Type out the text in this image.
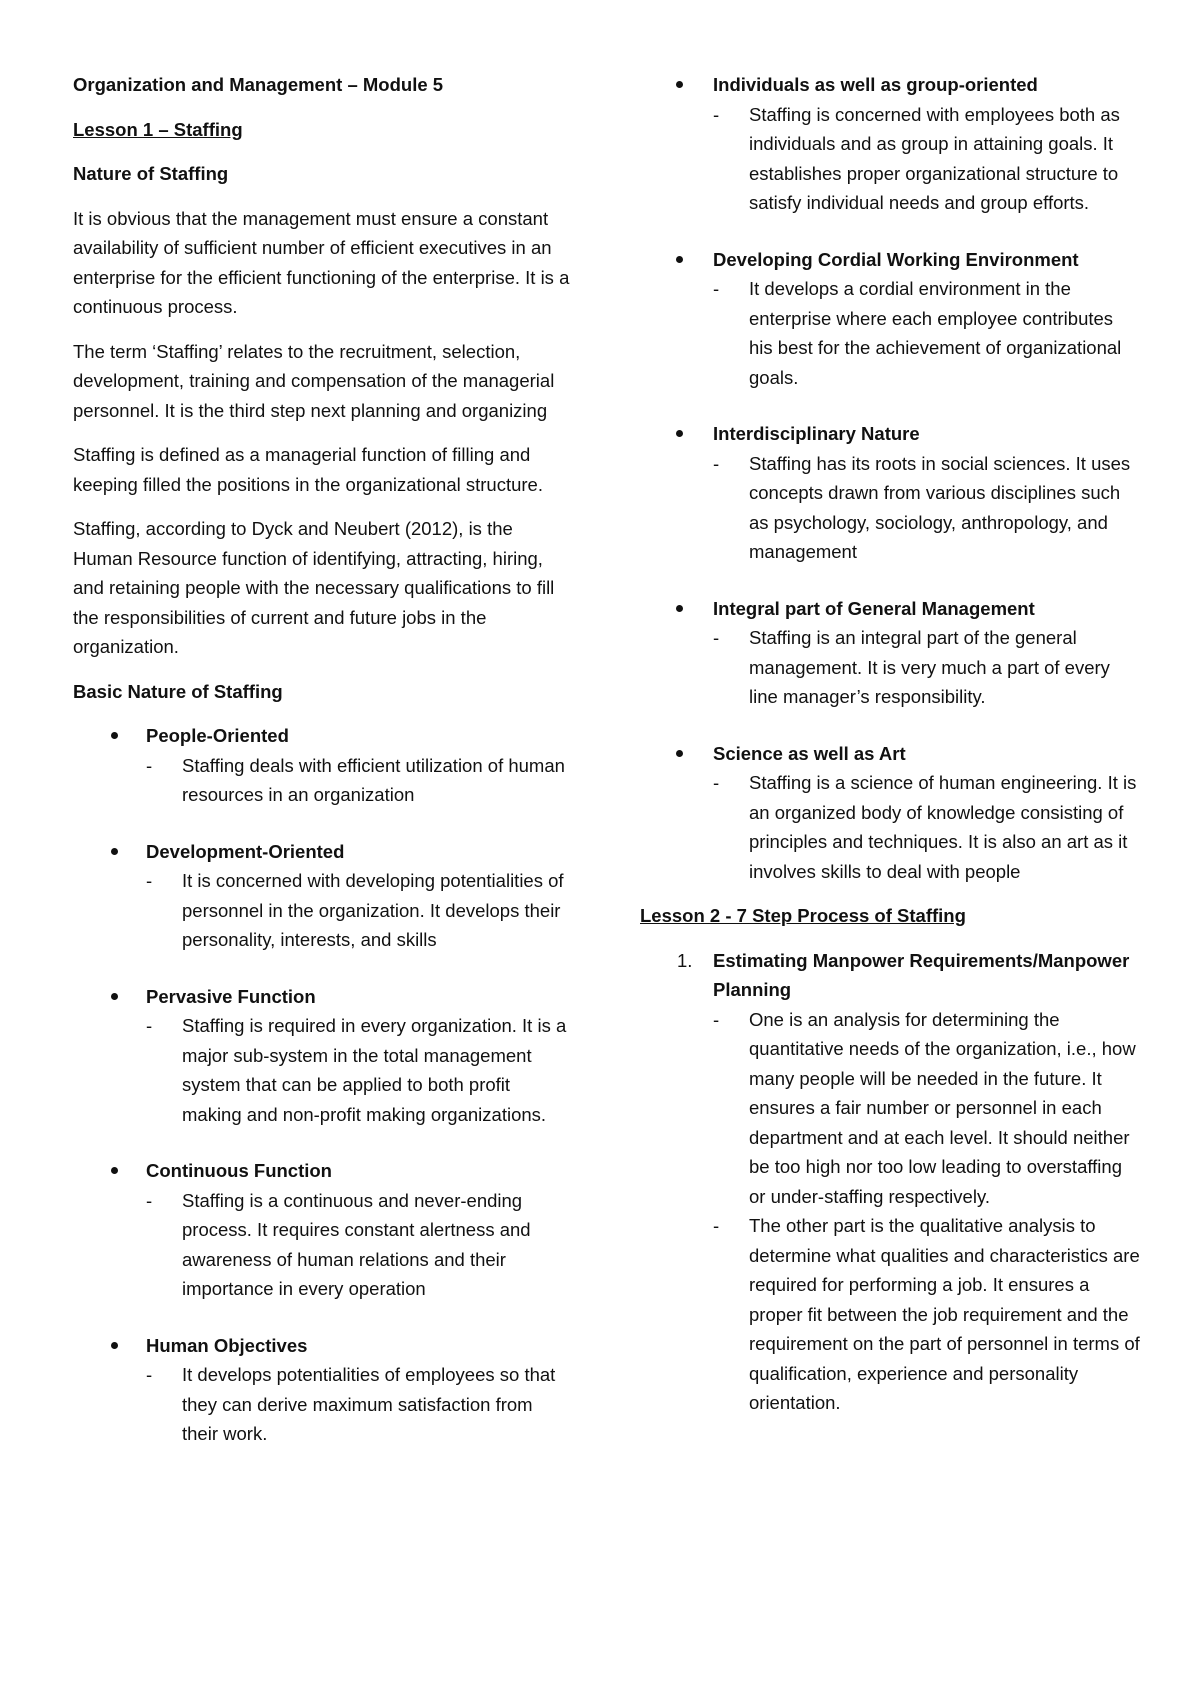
Organization and Management – Module 5
Lesson 1 – Staffing
Nature of Staffing

It is obvious that the management must ensure a constant availability of sufficient number of efficient executives in an enterprise for the efficient functioning of the enterprise. It is a continuous process.

The term ‘Staffing’ relates to the recruitment, selection, development, training and compensation of the managerial personnel. It is the third step next planning and organizing

Staffing is defined as a managerial function of filling and keeping filled the positions in the organizational structure.

Staffing, according to Dyck and Neubert (2012), is the Human Resource function of identifying, attracting, hiring, and retaining people with the necessary qualifications to fill the responsibilities of current and future jobs in the organization.

Basic Nature of Staffing
People-Oriented
- Staffing deals with efficient utilization of human resources in an organization
Development-Oriented
- It is concerned with developing potentialities of personnel in the organization. It develops their personality, interests, and skills
Pervasive Function
- Staffing is required in every organization. It is a major sub-system in the total management system that can be applied to both profit making and non-profit making organizations.
Continuous Function
- Staffing is a continuous and never-ending process. It requires constant alertness and awareness of human relations and their importance in every operation
Human Objectives
- It develops potentialities of employees so that they can derive maximum satisfaction from their work.
Individuals as well as group-oriented
- Staffing is concerned with employees both as individuals and as group in attaining goals. It establishes proper organizational structure to satisfy individual needs and group efforts.
Developing Cordial Working Environment
- It develops a cordial environment in the enterprise where each employee contributes his best for the achievement of organizational goals.
Interdisciplinary Nature
- Staffing has its roots in social sciences. It uses concepts drawn from various disciplines such as psychology, sociology, anthropology, and management
Integral part of General Management
- Staffing is an integral part of the general management. It is very much a part of every line manager’s responsibility.
Science as well as Art
- Staffing is a science of human engineering. It is an organized body of knowledge consisting of principles and techniques. It is also an art as it involves skills to deal with people
Lesson 2 - 7 Step Process of Staffing
1. Estimating Manpower Requirements/Manpower Planning
- One is an analysis for determining the quantitative needs of the organization, i.e., how many people will be needed in the future. It ensures a fair number or personnel in each department and at each level. It should neither be too high nor too low leading to overstaffing or under-staffing respectively.
- The other part is the qualitative analysis to determine what qualities and characteristics are required for performing a job. It ensures a proper fit between the job requirement and the requirement on the part of personnel in terms of qualification, experience and personality orientation.
